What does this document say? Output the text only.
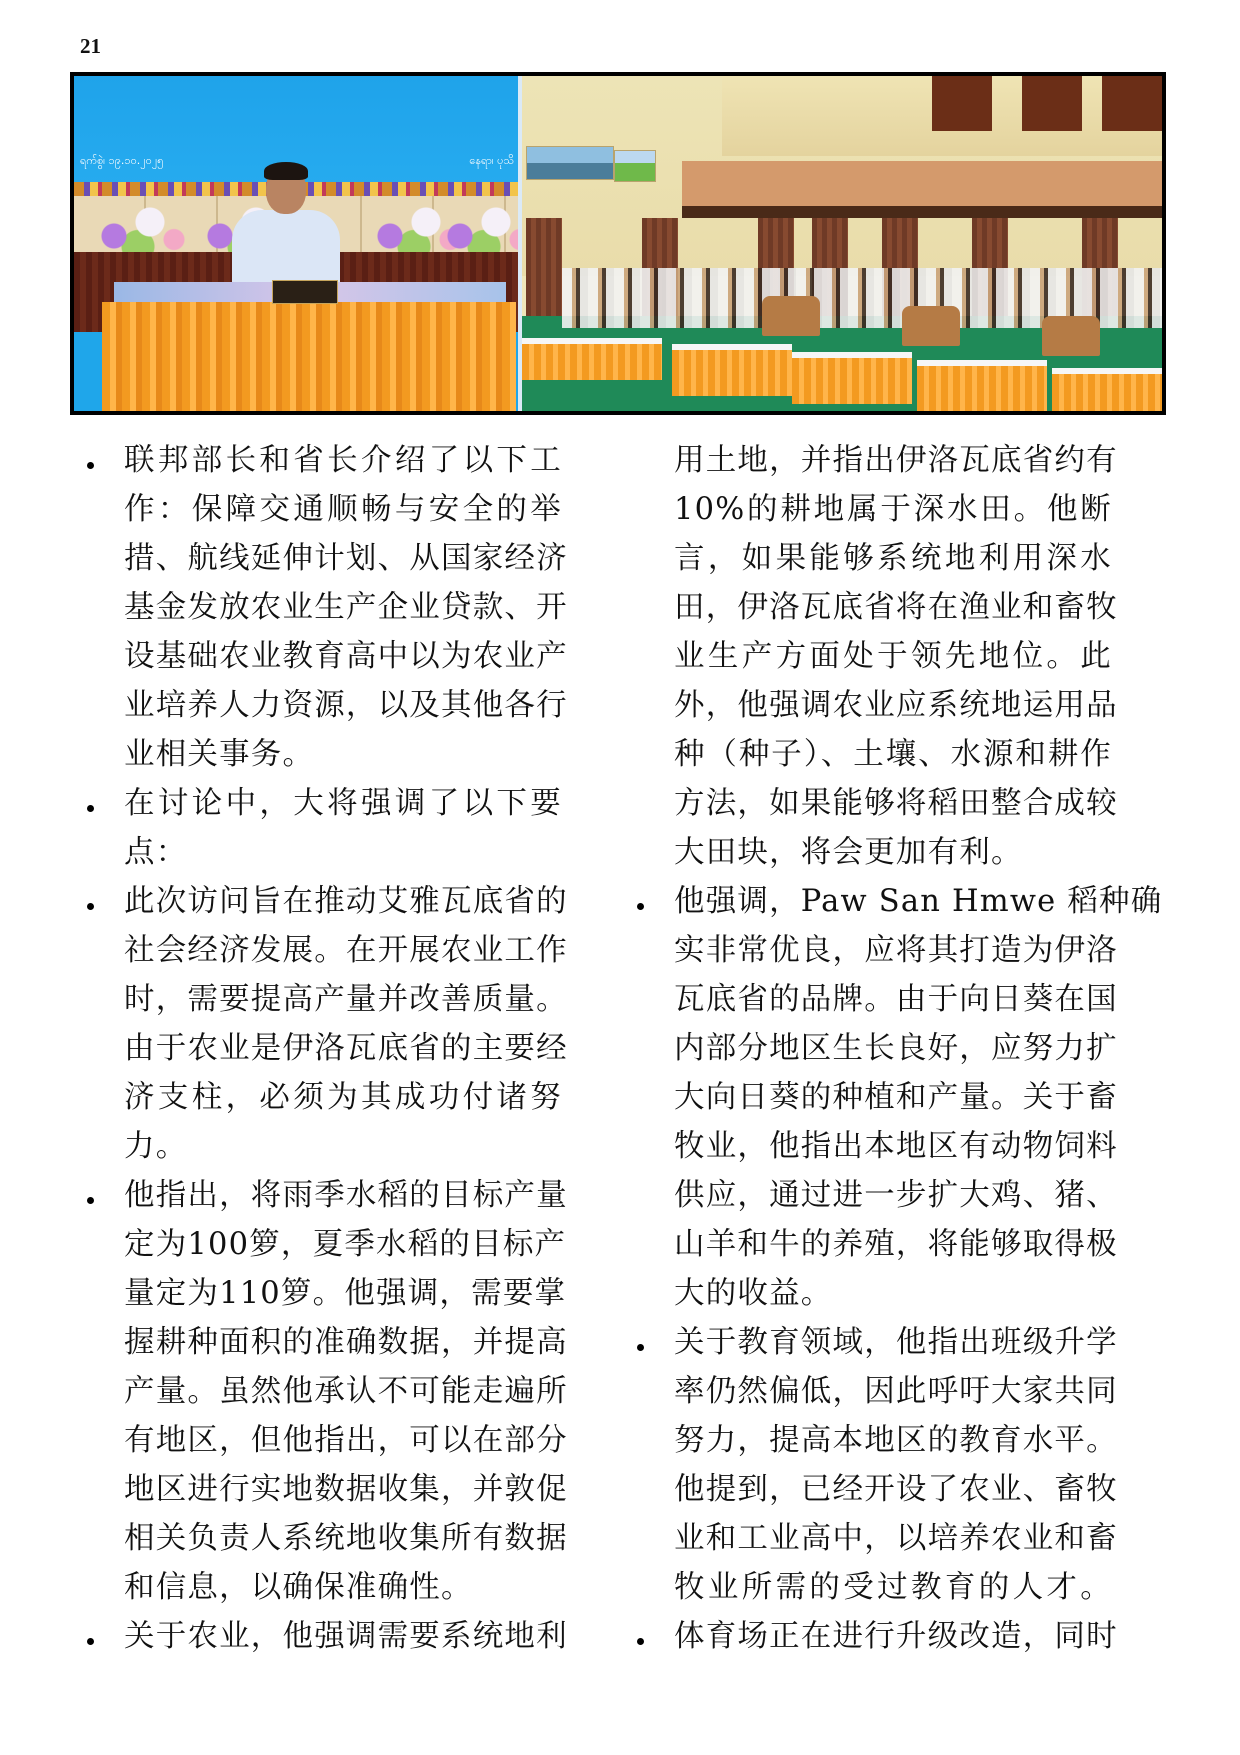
21
ရက်စွဲ၊ ၁၉.၁၀.၂၀၂၅	နေရာ၊ ပုသိ
联邦部长和省长介绍了以下工
作：保障交通顺畅与安全的举
措、航线延伸计划、从国家经济
基金发放农业生产企业贷款、开
设基础农业教育高中以为农业产
业培养人力资源，以及其他各行
业相关事务。
在讨论中，大将强调了以下要
点：
此次访问旨在推动艾雅瓦底省的
社会经济发展。在开展农业工作
时，需要提高产量并改善质量。
由于农业是伊洛瓦底省的主要经
济支柱，必须为其成功付诸努
力。
他指出，将雨季水稻的目标产量
定为100箩，夏季水稻的目标产
量定为110箩。他强调，需要掌
握耕种面积的准确数据，并提高
产量。虽然他承认不可能走遍所
有地区，但他指出，可以在部分
地区进行实地数据收集，并敦促
相关负责人系统地收集所有数据
和信息，以确保准确性。
关于农业，他强调需要系统地利
用土地，并指出伊洛瓦底省约有
10%的耕地属于深水田。他断
言，如果能够系统地利用深水
田，伊洛瓦底省将在渔业和畜牧
业生产方面处于领先地位。此
外，他强调农业应系统地运用品
种（种子）、土壤、水源和耕作
方法，如果能够将稻田整合成较
大田块，将会更加有利。
他强调，Paw San Hmwe 稻种确
实非常优良，应将其打造为伊洛
瓦底省的品牌。由于向日葵在国
内部分地区生长良好，应努力扩
大向日葵的种植和产量。关于畜
牧业，他指出本地区有动物饲料
供应，通过进一步扩大鸡、猪、
山羊和牛的养殖，将能够取得极
大的收益。
关于教育领域，他指出班级升学
率仍然偏低，因此呼吁大家共同
努力，提高本地区的教育水平。
他提到，已经开设了农业、畜牧
业和工业高中，以培养农业和畜
牧业所需的受过教育的人才。
体育场正在进行升级改造，同时
